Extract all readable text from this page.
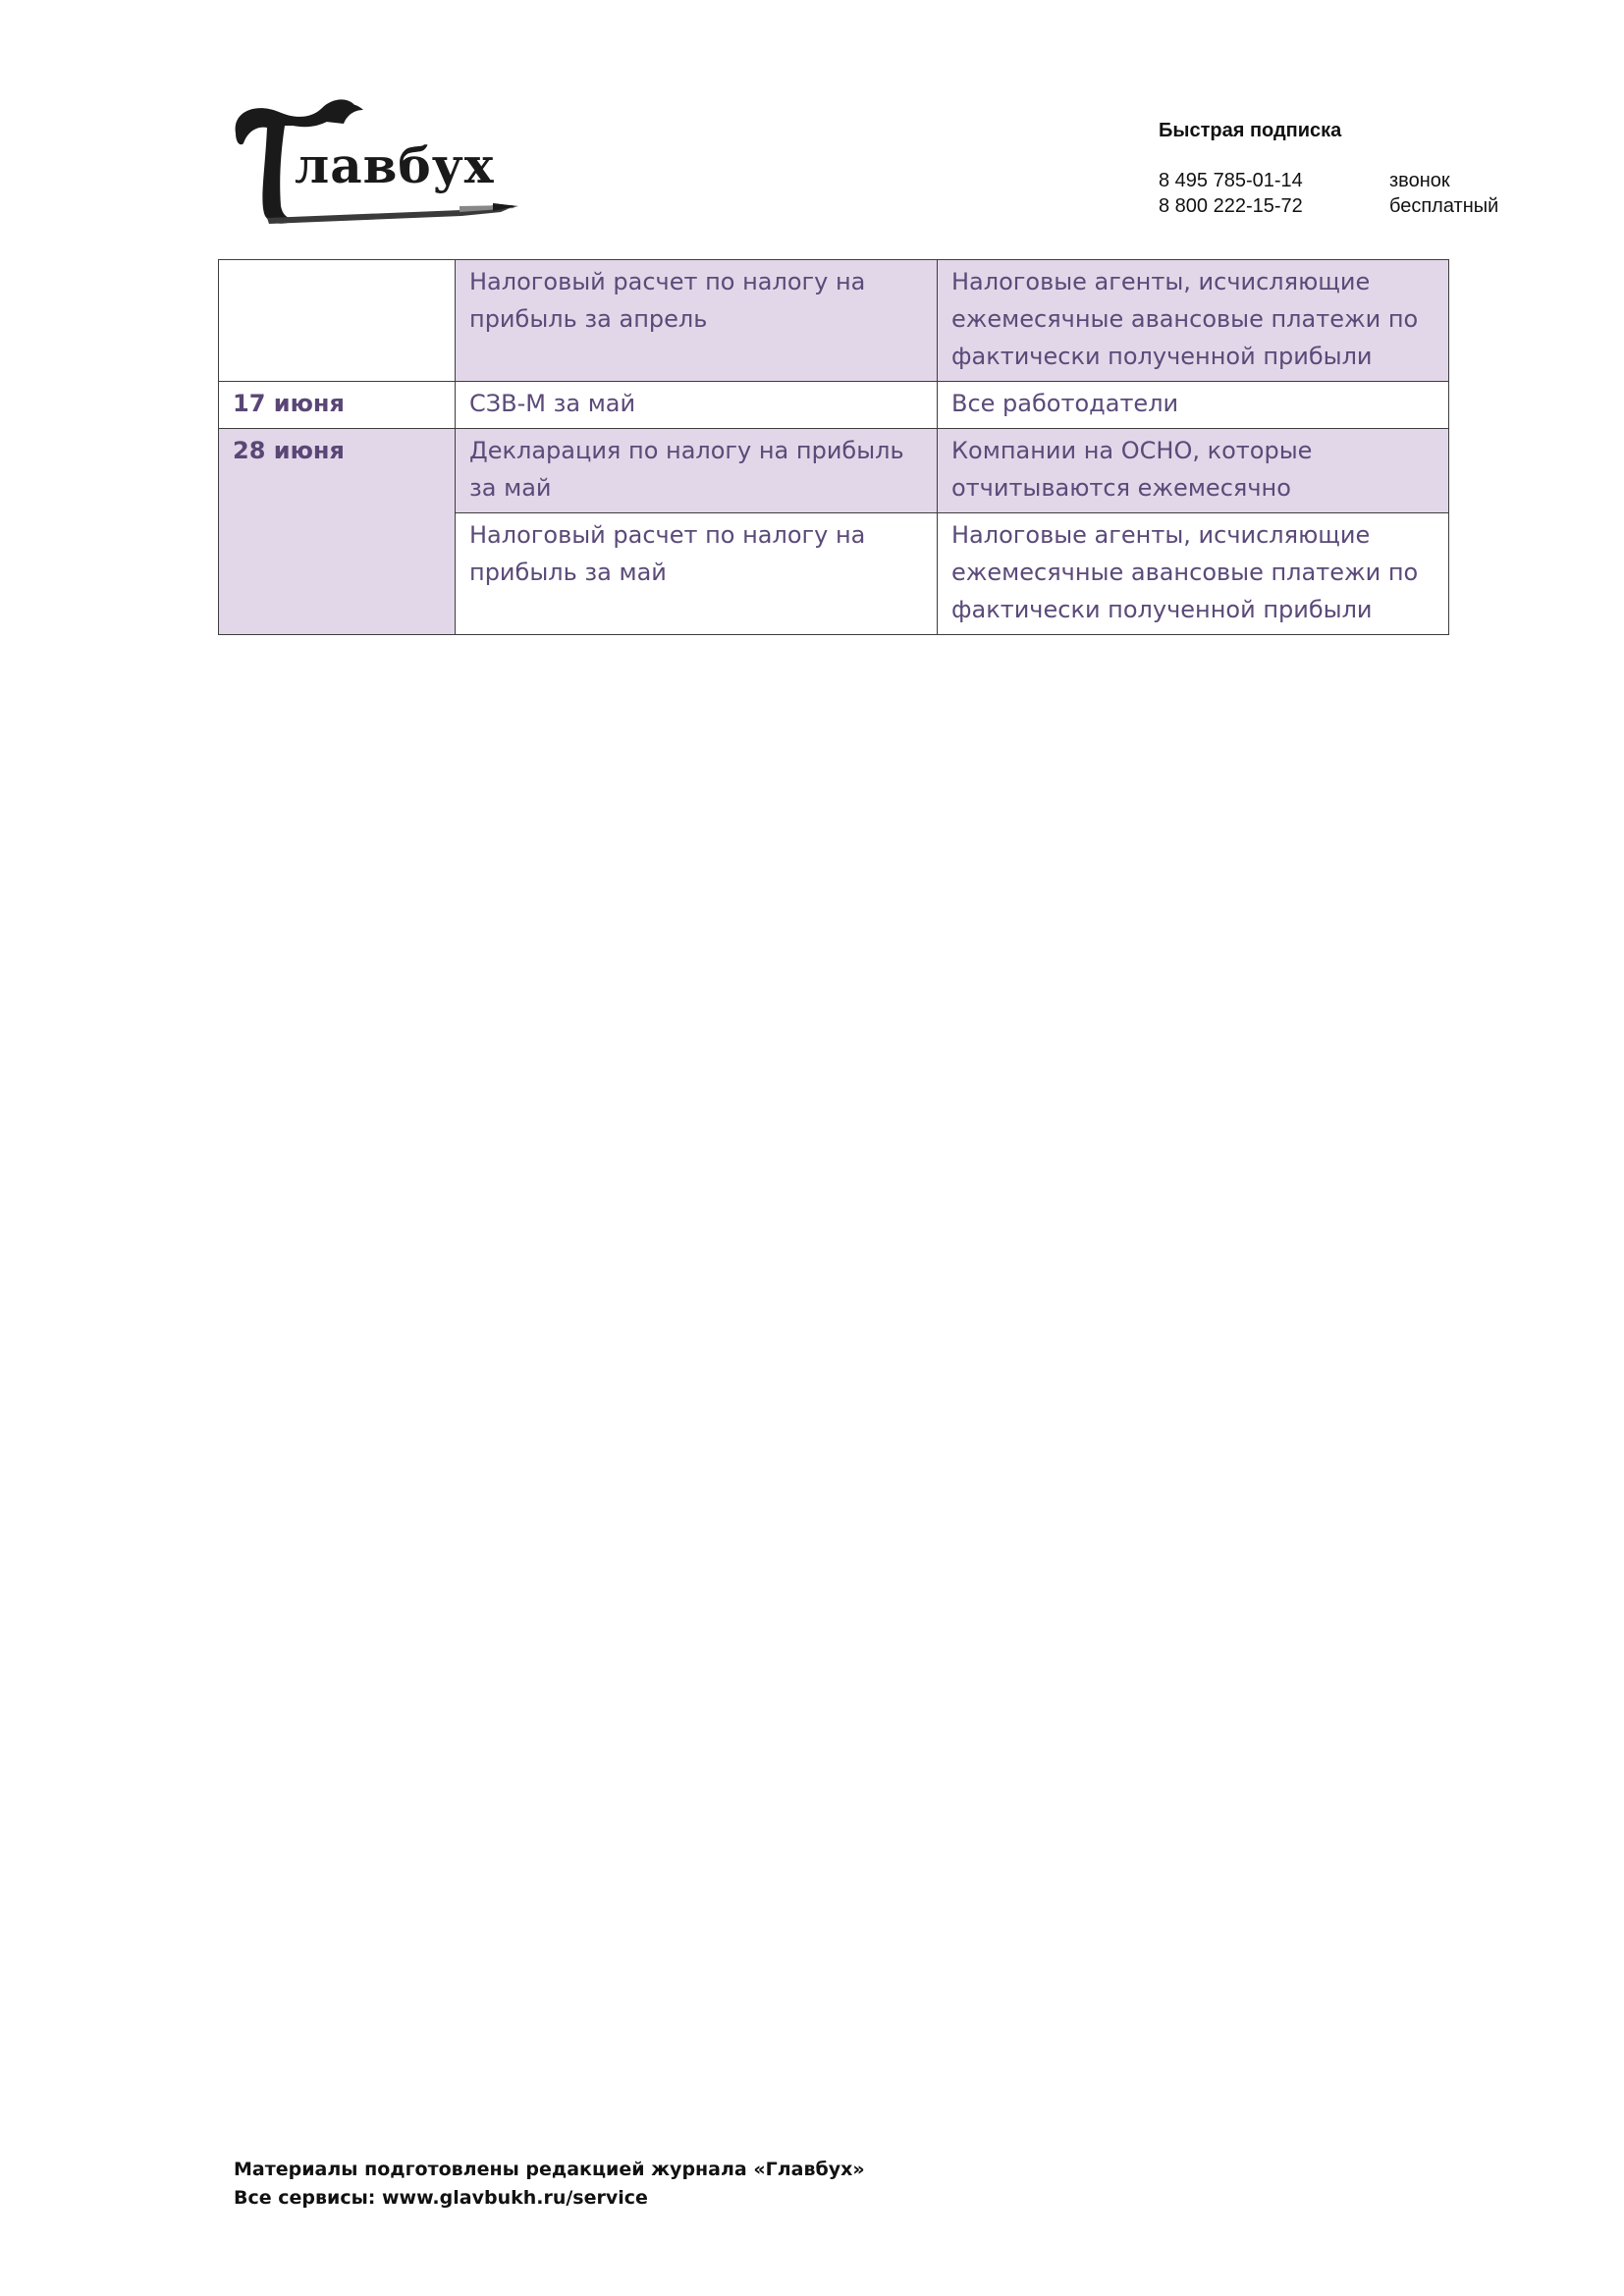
лавбух
Быстрая подписка
8 495 785-01-14	звонок
8 800 222-15-72	бесплатный
	Налоговый расчет по налогу на прибыль за апрель	Налоговые агенты, исчисляющие ежемесячные авансовые платежи по фактически полученной прибыли
17 июня	СЗВ-М за май	Все работодатели
28 июня	Декларация по налогу на прибыль за май	Компании на ОСНО, которые отчитываются ежемесячно
	Налоговый расчет по налогу на прибыль за май	Налоговые агенты, исчисляющие ежемесячные авансовые платежи по фактически полученной прибыли
Материалы подготовлены редакцией журнала «Главбух»
Все сервисы: www.glavbukh.ru/service
